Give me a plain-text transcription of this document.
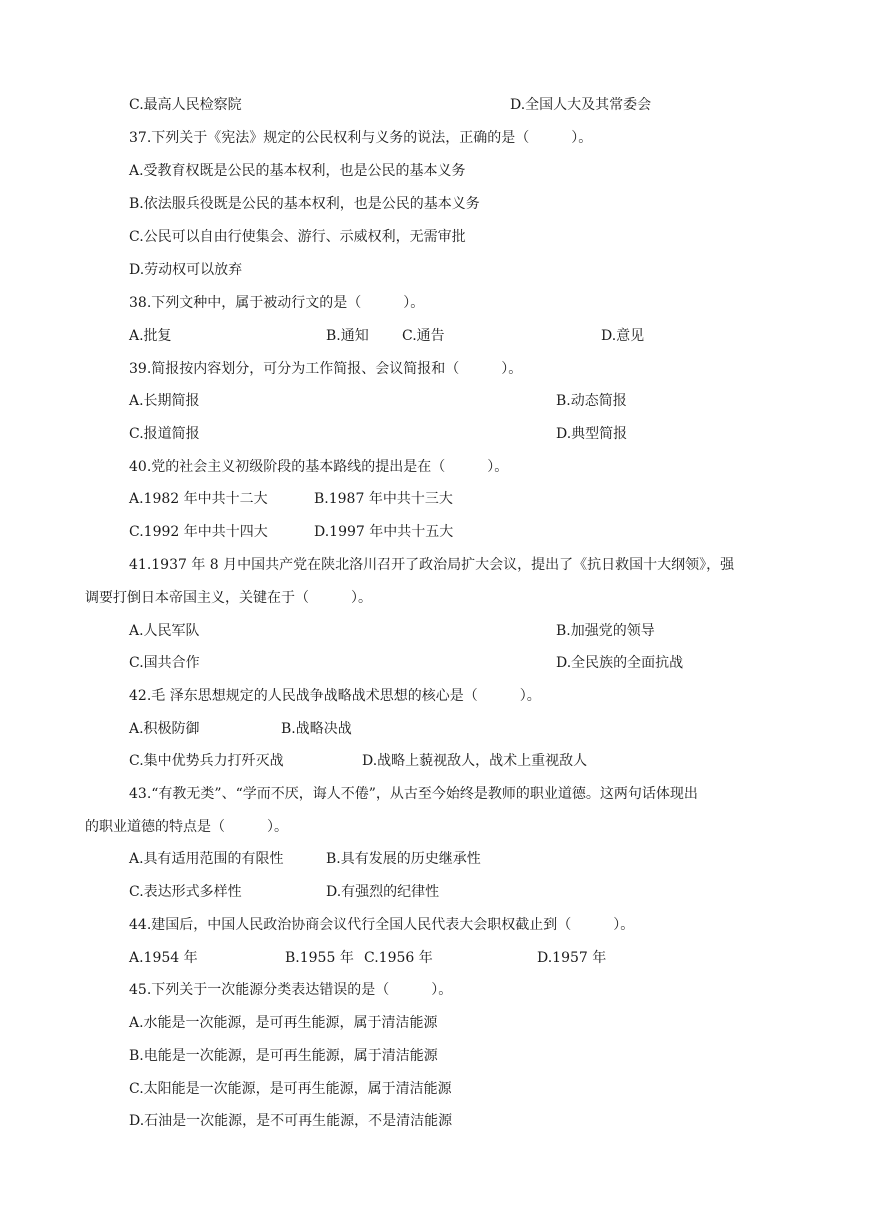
C.最高人民检察院	D.全国人大及其常委会
37.下列关于《宪法》规定的公民权利与义务的说法，正确的是（　　　）。
A.受教育权既是公民的基本权利，也是公民的基本义务
B.依法服兵役既是公民的基本权利，也是公民的基本义务
C.公民可以自由行使集会、游行、示威权利，无需审批
D.劳动权可以放弃
38.下列文种中，属于被动行文的是（　　　）。
A.批复	B.通知 C.通告	D.意见
39.简报按内容划分，可分为工作简报、会议简报和（　　　）。
A.长期简报	B.动态简报
C.报道简报	D.典型简报
40.党的社会主义初级阶段的基本路线的提出是在（　　　）。
A.1982 年中共十二大	B.1987 年中共十三大
C.1992 年中共十四大	D.1997 年中共十五大
41.1937 年 8 月中国共产党在陕北洛川召开了政治局扩大会议，提出了《抗日救国十大纲领》，强
调要打倒日本帝国主义，关键在于（　　　）。
A.人民军队	B.加强党的领导
C.国共合作	D.全民族的全面抗战
42.毛 泽东思想规定的人民战争战略战术思想的核心是（　　　）。
A.积极防御	B.战略决战
C.集中优势兵力打歼灭战	D.战略上藐视敌人，战术上重视敌人
43.“有教无类”、“学而不厌，诲人不倦”，从古至今始终是教师的职业道德。这两句话体现出
的职业道德的特点是（　　　）。
A.具有适用范围的有限性	B.具有发展的历史继承性
C.表达形式多样性	D.有强烈的纪律性
44.建国后，中国人民政治协商会议代行全国人民代表大会职权截止到（　　　）。
A.1954 年	B.1955 年 C.1956 年	D.1957 年
45.下列关于一次能源分类表达错误的是（　　　）。
A.水能是一次能源，是可再生能源，属于清洁能源
B.电能是一次能源，是可再生能源，属于清洁能源
C.太阳能是一次能源，是可再生能源，属于清洁能源
D.石油是一次能源，是不可再生能源，不是清洁能源
